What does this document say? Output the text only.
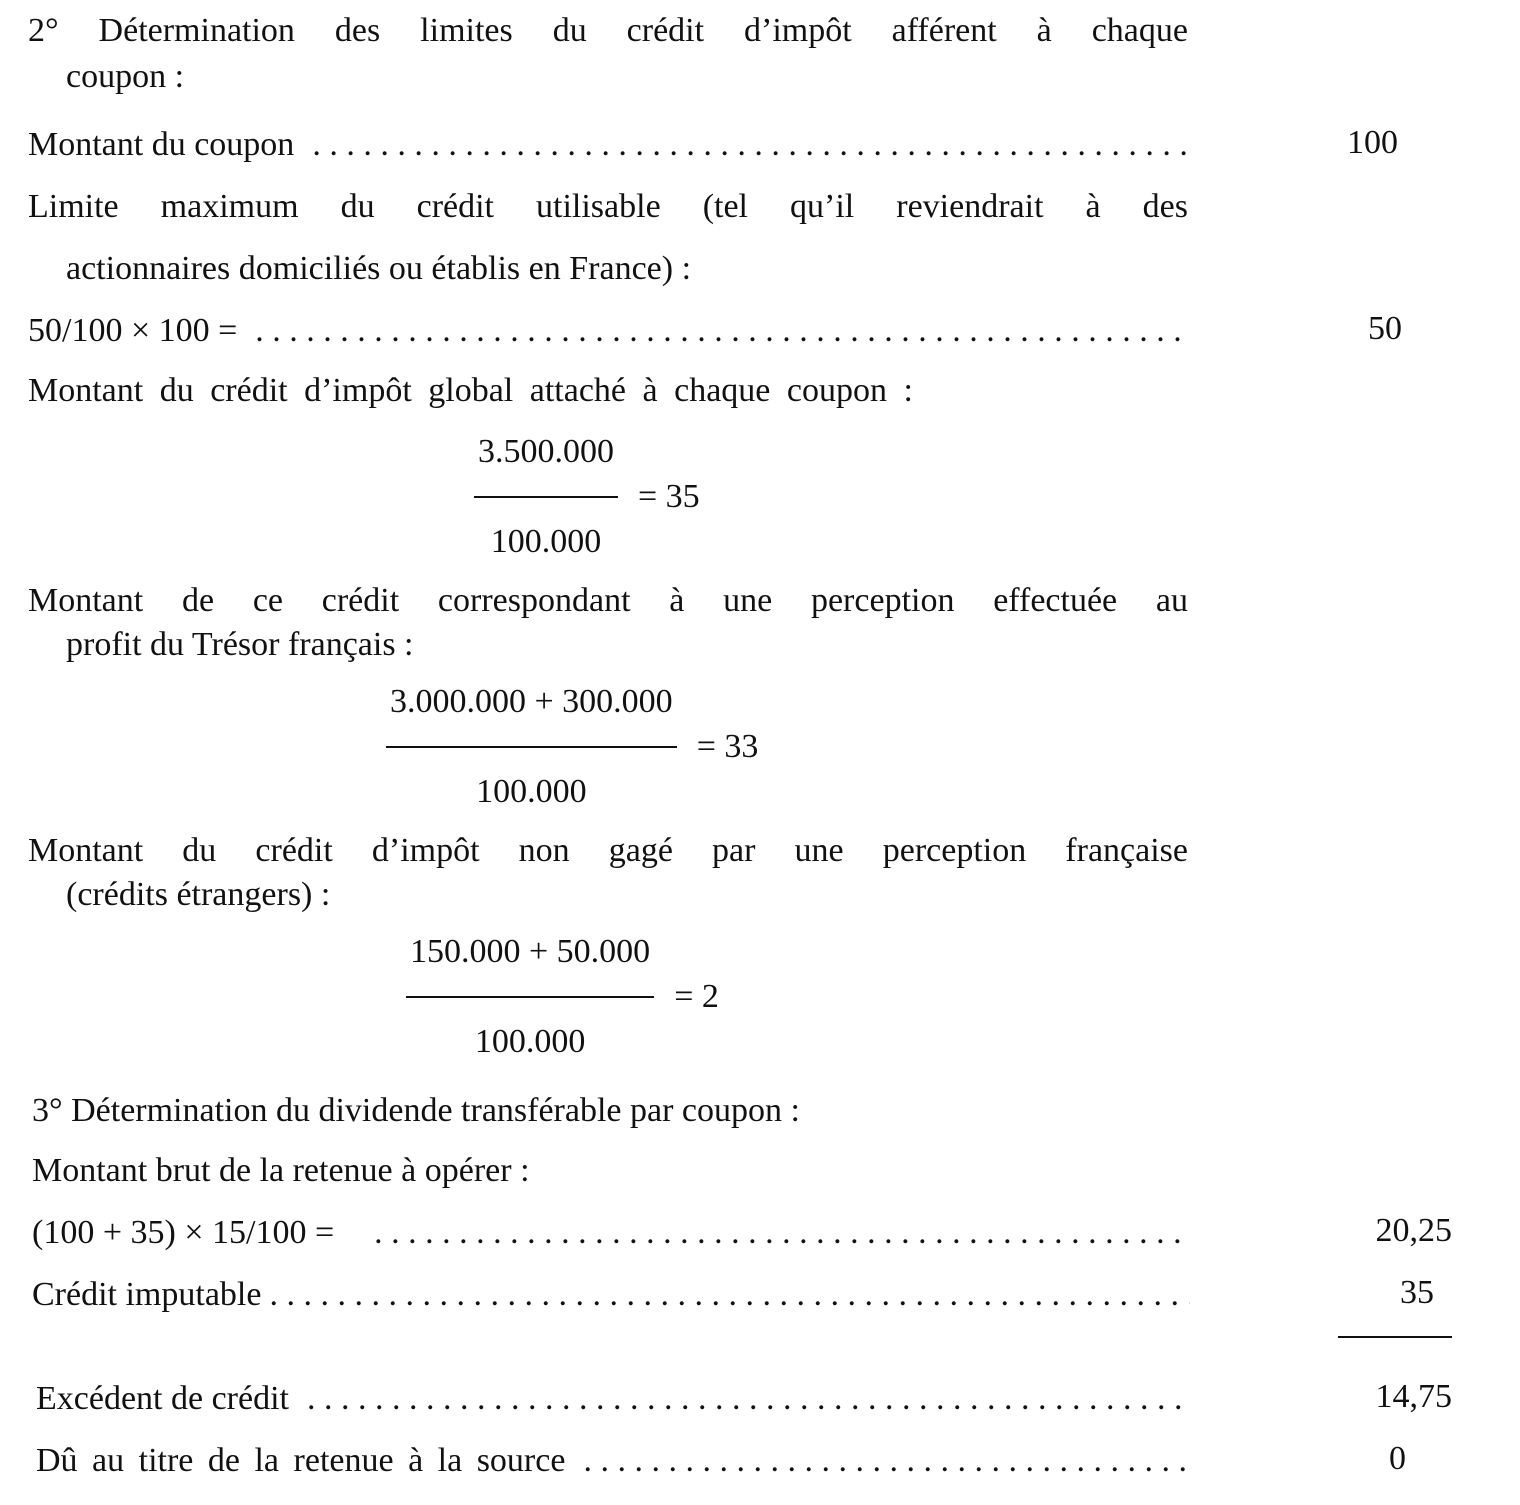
2° Détermination des limites du crédit d’impôt afférent à chaque
coupon :
Montant du coupon . . .	100
Limite maximum du crédit utilisable (tel qu’il reviendrait à des
actionnaires domiciliés ou établis en France) :
50/100 × 100 = . . .	50
Montant du crédit d’impôt global attaché à chaque coupon :
$\frac{3.500.000}{100.000} = 35$
Montant de ce crédit correspondant à une perception effectuée au
profit du Trésor français :
$\frac{3.000.000 + 300.000}{100.000} = 33$
Montant du crédit d’impôt non gagé par une perception française
(crédits étrangers) :
$\frac{150.000 + 50.000}{100.000} = 2$
3° Détermination du dividende transférable par coupon :
Montant brut de la retenue à opérer :
(100 + 35) × 15/100 = . . .	20,25
Crédit imputable . . .	35
Excédent de crédit . . .	14,75
Dû au titre de la retenue à la source . . .	0
